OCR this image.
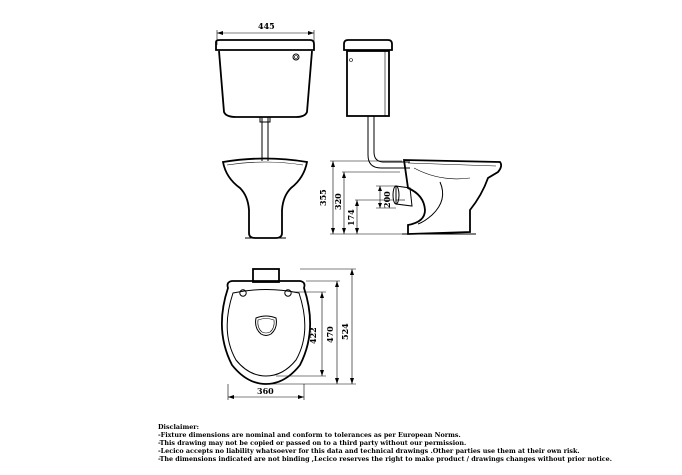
445
355 320
174
200
360
422 470 524
Disclaimer:
-Fixture dimensions are nominal and conform to tolerances as per European Norms.
-This drawing may not be copied or passed on to a third party without our permission.
-Lecico accepts no liability whatsoever for this data and technical drawings .Other parties use them at their own risk.
-The dimensions indicated are not binding ,Lecico reserves the right to make product / drawings changes without prior notice.
